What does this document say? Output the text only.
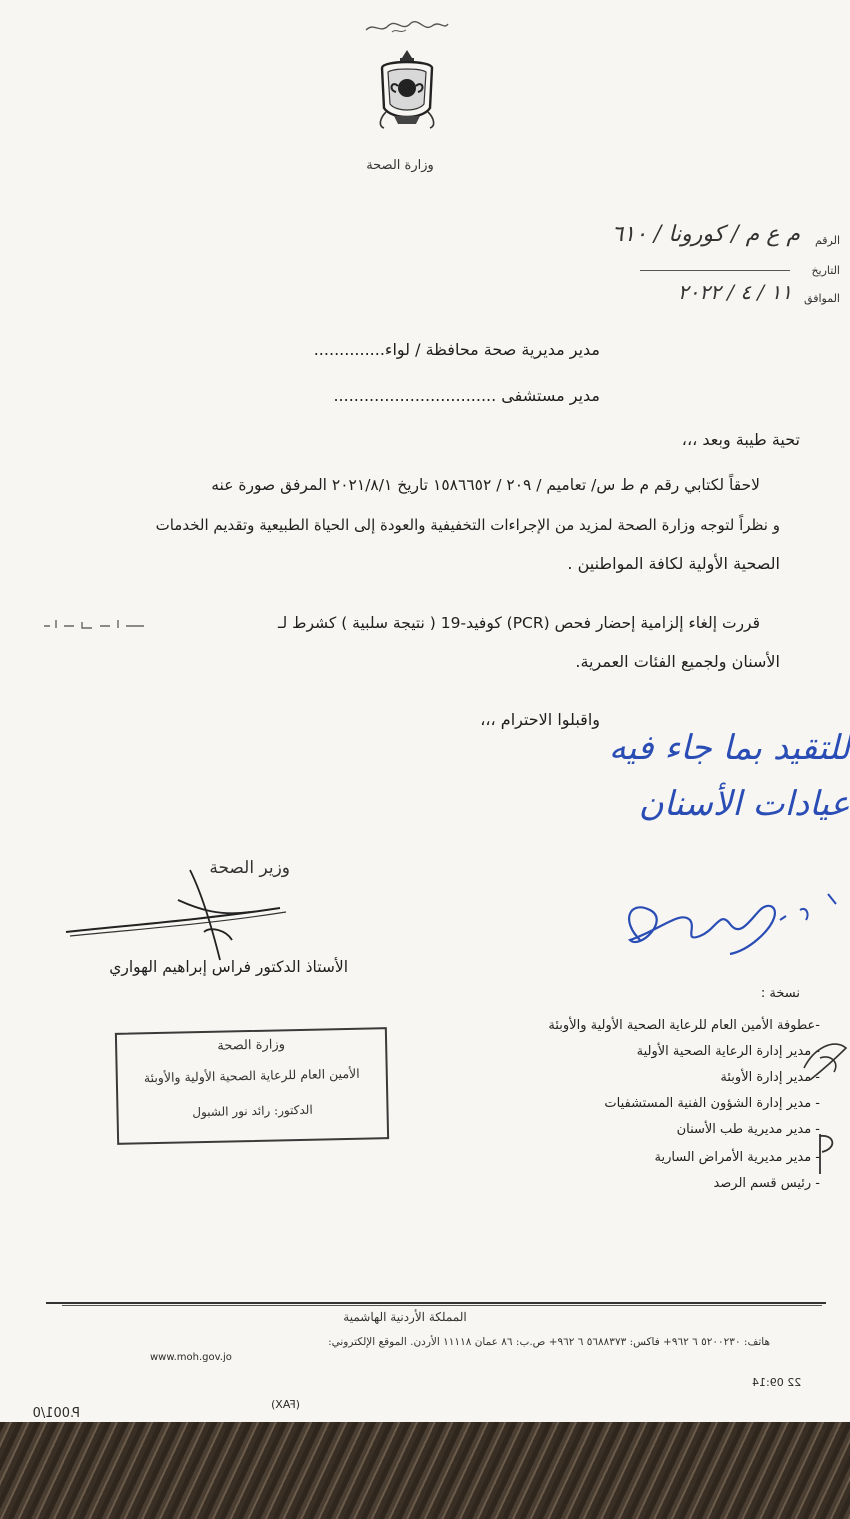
وزارة الصحة
الرقم
م ع م / كورونا / ٦١٠
التاريخ
الموافق
١١ / ٤ / ٢٠٢٢
مدير مديرية صحة محافظة / لواء..............
مدير مستشفى ................................
تحية طيبة وبعد ،،،
لاحقاً لكتابي رقم م ط س/ تعاميم / ٢٠٩ / ١٥٨٦٦٥٢ تاريخ ٢٠٢١/٨/١ المرفق صورة عنه
و نظراً لتوجه وزارة الصحة لمزيد من الإجراءات التخفيفية والعودة إلى الحياة الطبيعية وتقديم الخدمات
الصحية الأولية لكافة المواطنين .
قررت إلغاء إلزامية إحضار فحص (PCR) كوفيد-19 ( نتيجة سلبية ) كشرط لـ
الأسنان ولجميع الفئات العمرية.
واقبلوا الاحترام ،،،
للتقيد بما جاء فيه
عيادات الأسنان
وزير الصحة
الأستاذ الدكتور فراس إبراهيم الهواري
نسخة :
-عطوفة الأمين العام للرعاية الصحية الأولية والأوبئة
- مدير إدارة الرعاية الصحية الأولية
- مدير إدارة الأوبئة
- مدير إدارة الشؤون الفنية المستشفيات
- مدير مديرية طب الأسنان
- مدير مديرية الأمراض السارية
- رئيس قسم الرصد
وزارة الصحة
الأمين العام للرعاية الصحية الأولية والأوبئة
الدكتور: رائد نور الشبول
المملكة الأردنية الهاشمية
هاتف: ٥٢٠٠٢٣٠ ٦ ٩٦٢+ فاكس: ٥٦٨٨٣٧٣ ٦ ٩٦٢+ ص.ب: ٨٦ عمان ١١١١٨ الأردن. الموقع الإلكتروني:
www.moh.gov.jo
22 09:14
(FAX)
P.001/0
